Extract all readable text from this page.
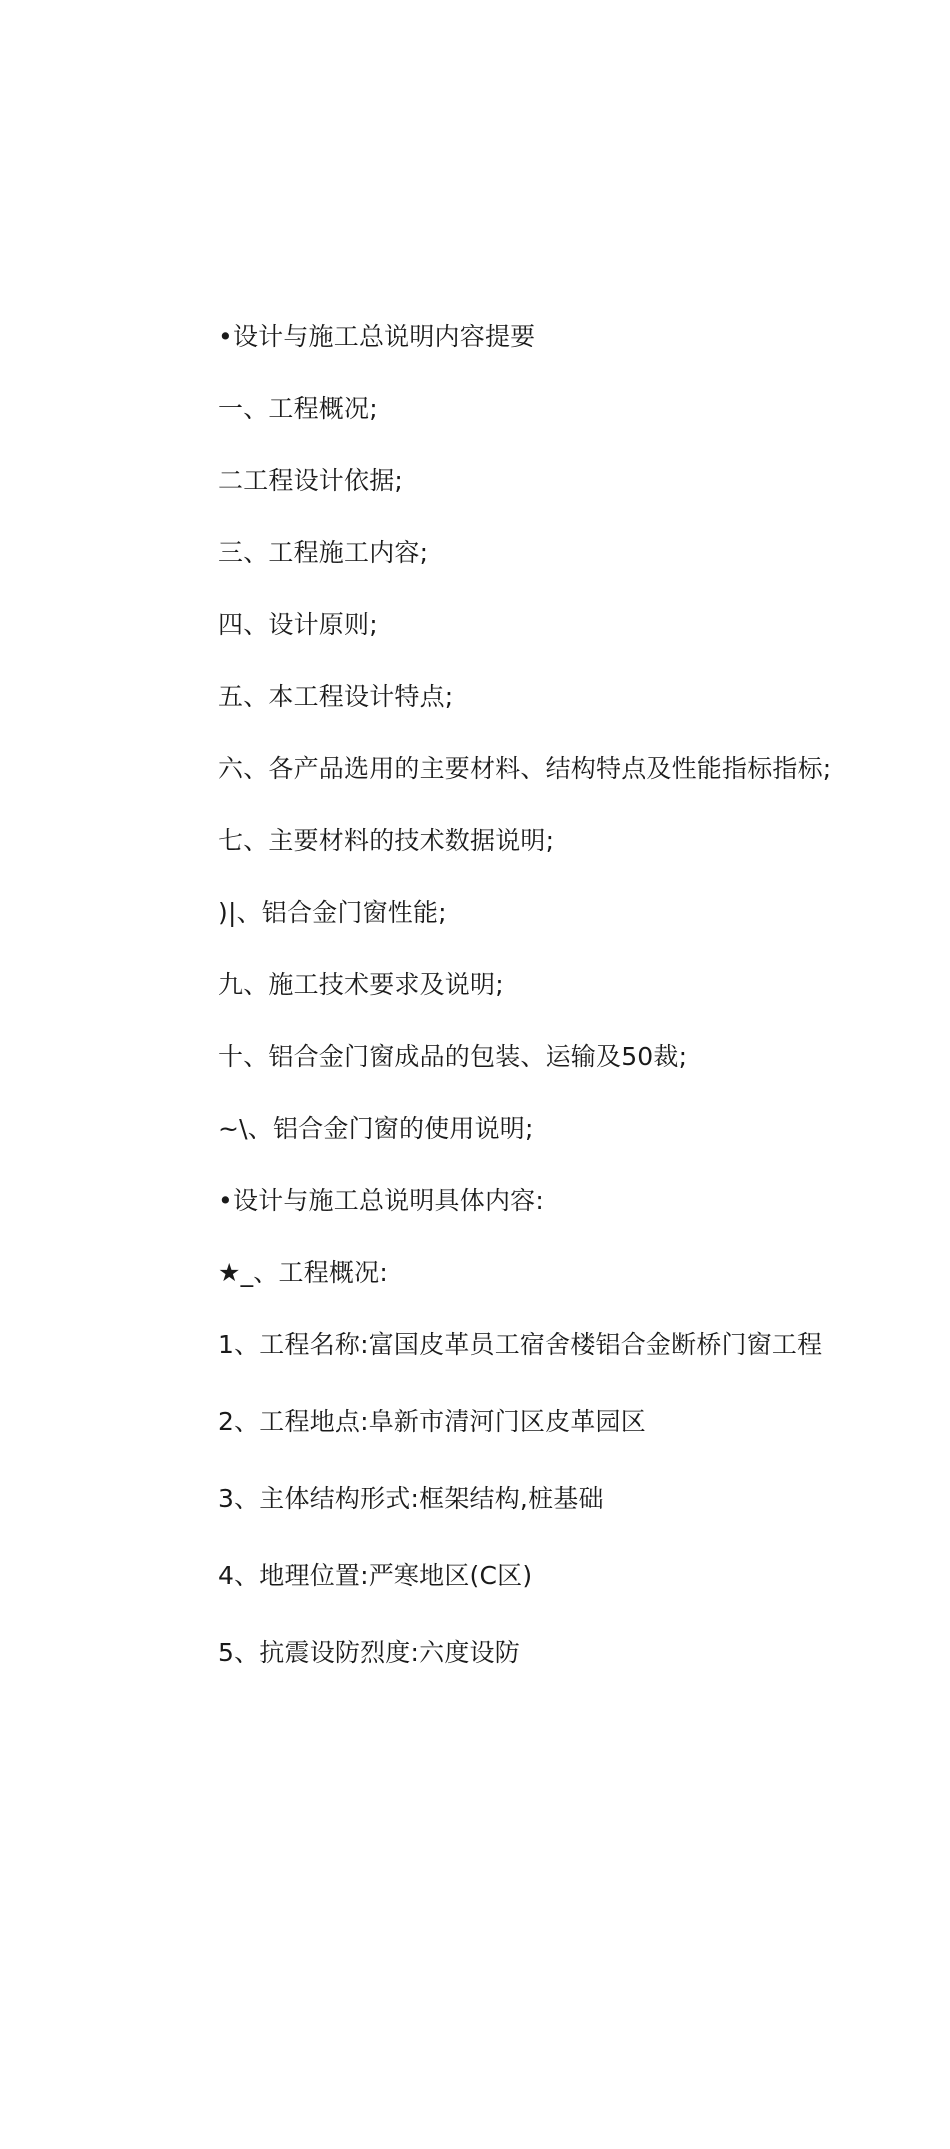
•设计与施工总说明内容提要
一、工程概况;
二工程设计依据;
三、工程施工内容;
四、设计原则;
五、本工程设计特点;
六、各产品选用的主要材料、结构特点及性能指标指标;
七、主要材料的技术数据说明;
)|、铝合金门窗性能;
九、施工技术要求及说明;
十、铝合金门窗成品的包装、运输及50裁;
~\、铝合金门窗的使用说明;
•设计与施工总说明具体内容:
★_、工程概况:
1、工程名称:富国皮革员工宿舍楼铝合金断桥门窗工程
2、工程地点:阜新市清河门区皮革园区
3、主体结构形式:框架结构,桩基础
4、地理位置:严寒地区(C区)
5、抗震设防烈度:六度设防
